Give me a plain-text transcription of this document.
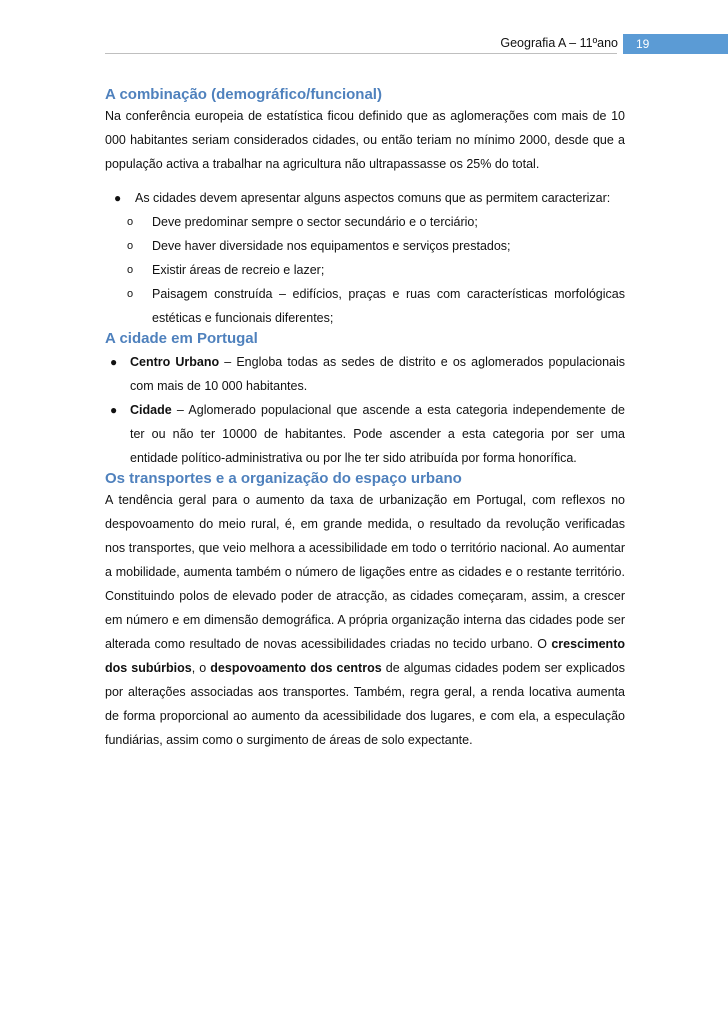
Geografia A – 11ºano	19
A combinação (demográfico/funcional)

Na conferência europeia de estatística ficou definido que as aglomerações com mais de 10 000 habitantes seriam considerados cidades, ou então teriam no mínimo 2000, desde que a população activa a trabalhar na agricultura não ultrapassasse os 25% do total.

● As cidades devem apresentar alguns aspectos comuns que as permitem caracterizar:
o Deve predominar sempre o sector secundário e o terciário;
o Deve haver diversidade nos equipamentos e serviços prestados;
o Existir áreas de recreio e lazer;
o Paisagem construída – edifícios, praças e ruas com características morfológicas estéticas e funcionais diferentes;
A cidade em Portugal
● Centro Urbano – Engloba todas as sedes de distrito e os aglomerados populacionais com mais de 10 000 habitantes.
● Cidade – Aglomerado populacional que ascende a esta categoria independemente de ter ou não ter 10000 de habitantes. Pode ascender a esta categoria por ser uma entidade político-administrativa ou por lhe ter sido atribuída por forma honorífica.
Os transportes e a organização do espaço urbano

A tendência geral para o aumento da taxa de urbanização em Portugal, com reflexos no despovoamento do meio rural, é, em grande medida, o resultado da revolução verificadas nos transportes, que veio melhora a acessibilidade em todo o território nacional. Ao aumentar a mobilidade, aumenta também o número de ligações entre as cidades e o restante território. Constituindo polos de elevado poder de atracção, as cidades começaram, assim, a crescer em número e em dimensão demográfica. A própria organização interna das cidades pode ser alterada como resultado de novas acessibilidades criadas no tecido urbano. O crescimento dos subúrbios, o despovoamento dos centros de algumas cidades podem ser explicados por alterações associadas aos transportes. Também, regra geral, a renda locativa aumenta de forma proporcional ao aumento da acessibilidade dos lugares, e com ela, a especulação fundiárias, assim como o surgimento de áreas de solo expectante.
